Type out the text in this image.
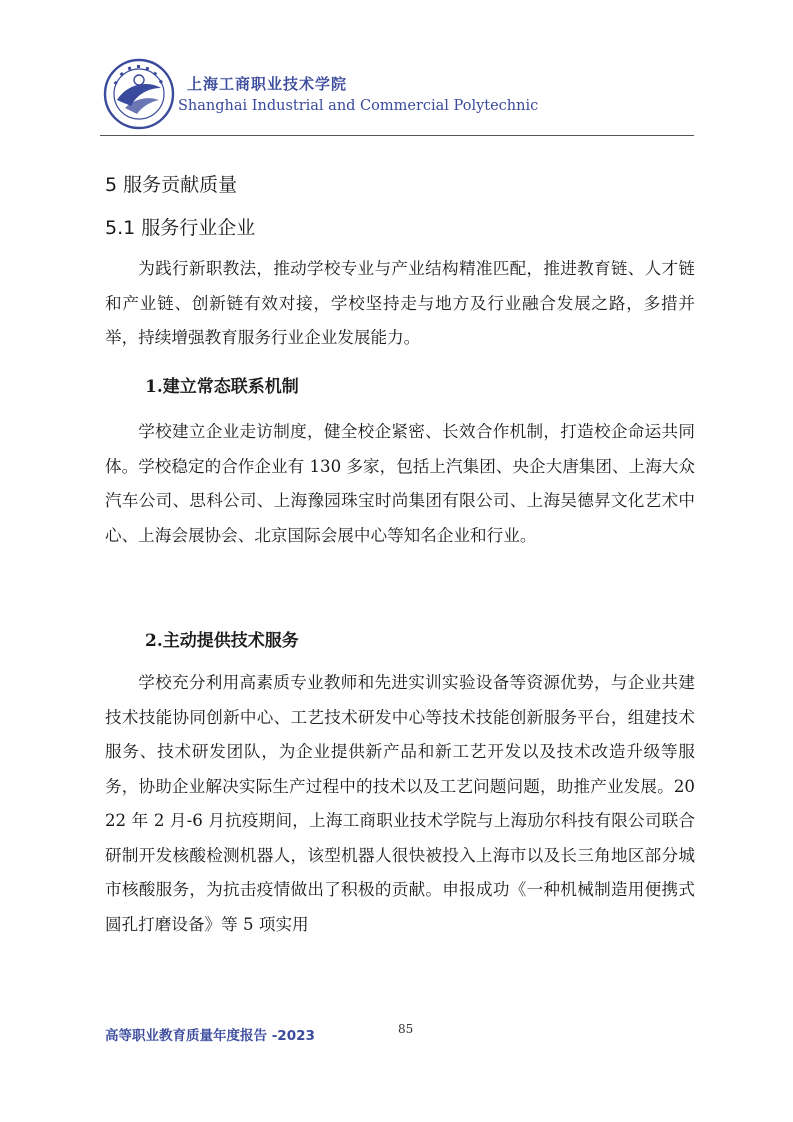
上海工商职业技术学院
Shanghai Industrial and Commercial Polytechnic
5 服务贡献质量
5.1 服务行业企业
为践行新职教法，推动学校专业与产业结构精准匹配，推进教育链、人才链和产业链、创新链有效对接，学校坚持走与地方及行业融合发展之路，多措并举，持续增强教育服务行业企业发展能力。
1.建立常态联系机制
学校建立企业走访制度，健全校企紧密、长效合作机制，打造校企命运共同体。学校稳定的合作企业有 130 多家，包括上汽集团、央企大唐集团、上海大众汽车公司、思科公司、上海豫园珠宝时尚集团有限公司、上海吴德昇文化艺术中心、上海会展协会、北京国际会展中心等知名企业和行业。
2.主动提供技术服务
学校充分利用高素质专业教师和先进实训实验设备等资源优势，与企业共建技术技能协同创新中心、工艺技术研发中心等技术技能创新服务平台，组建技术服务、技术研发团队，为企业提供新产品和新工艺开发以及技术改造升级等服务，协助企业解决实际生产过程中的技术以及工艺问题问题，助推产业发展。2022 年 2 月-6 月抗疫期间，上海工商职业技术学院与上海劢尔科技有限公司联合研制开发核酸检测机器人，该型机器人很快被投入上海市以及长三角地区部分城市核酸服务，为抗击疫情做出了积极的贡献。申报成功《一种机械制造用便携式圆孔打磨设备》等 5 项实用
高等职业教育质量年度报告 -2023	85
